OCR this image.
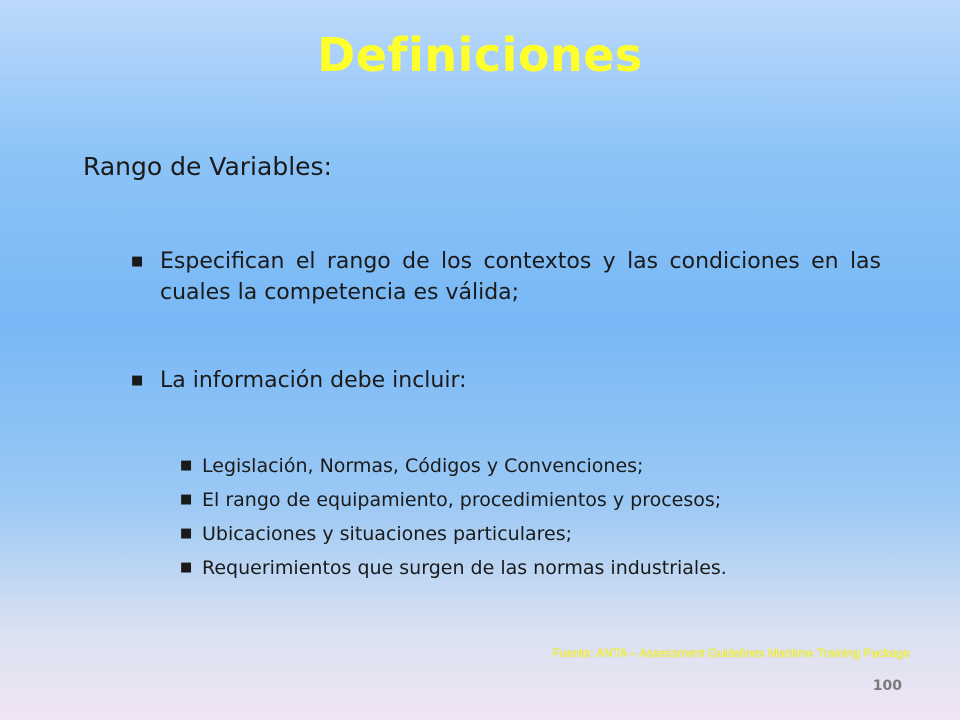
Definiciones
Rango de Variables:
■ Especifican el rango de los contextos y las condiciones en las cuales la competencia es válida;
■ La información debe incluir:
■ Legislación, Normas, Códigos y Convenciones;
■ El rango de equipamiento, procedimientos y procesos;
■ Ubicaciones y situaciones particulares;
■ Requerimientos que surgen de las normas industriales.
Fuente: ANTA – Assessment Guidelines Maritime Training Package
100
